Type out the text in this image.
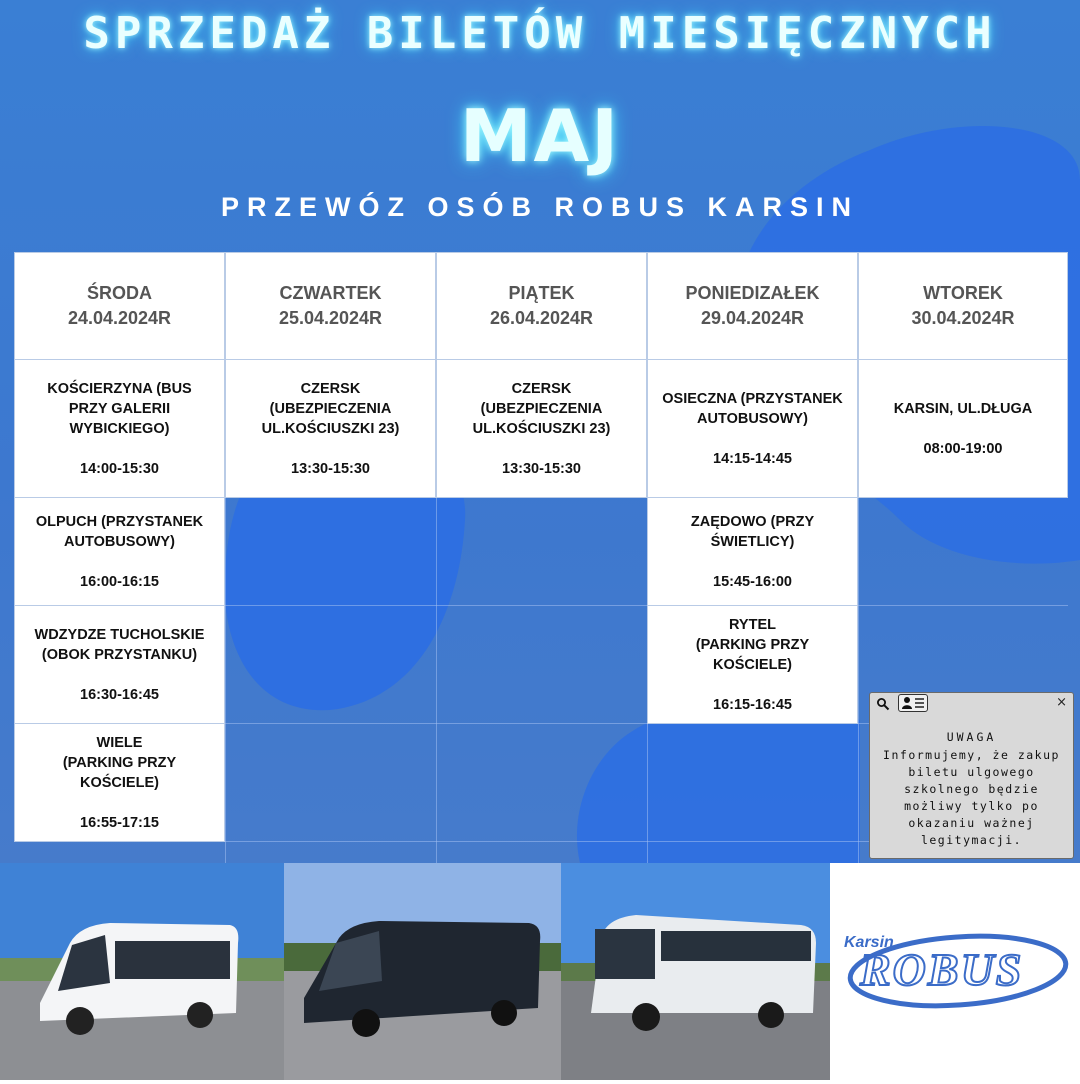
SPRZEDAŻ BILETÓW MIESIĘCZNYCH
MAJ
PRZEWÓZ OSÓB ROBUS KARSIN
ŚRODA
24.04.2024R
CZWARTEK
25.04.2024R
PIĄTEK
26.04.2024R
PONIEDIZAŁEK
29.04.2024R
WTOREK
30.04.2024R
KOŚCIERZYNA (BUS
PRZY GALERII
WYBICKIEGO)
14:00-15:30
CZERSK
(UBEZPIECZENIA
UL.KOŚCIUSZKI 23)
13:30-15:30
CZERSK
(UBEZPIECZENIA
UL.KOŚCIUSZKI 23)
13:30-15:30
OSIECZNA (PRZYSTANEK
AUTOBUSOWY)
14:15-14:45
KARSIN, UL.DŁUGA
08:00-19:00
OLPUCH (PRZYSTANEK
AUTOBUSOWY)
16:00-16:15
ZAĘDOWO (PRZY
ŚWIETLICY)
15:45-16:00
WDZYDZE TUCHOLSKIE
(OBOK PRZYSTANKU)
16:30-16:45
RYTEL
(PARKING PRZY
KOŚCIELE)
16:15-16:45
WIELE
(PARKING PRZY
KOŚCIELE)
16:55-17:15
×
UWAGA
Informujemy, że zakup biletu ulgowego szkolnego będzie możliwy tylko po okazaniu ważnej legitymacji.
Karsin
ROBUS
